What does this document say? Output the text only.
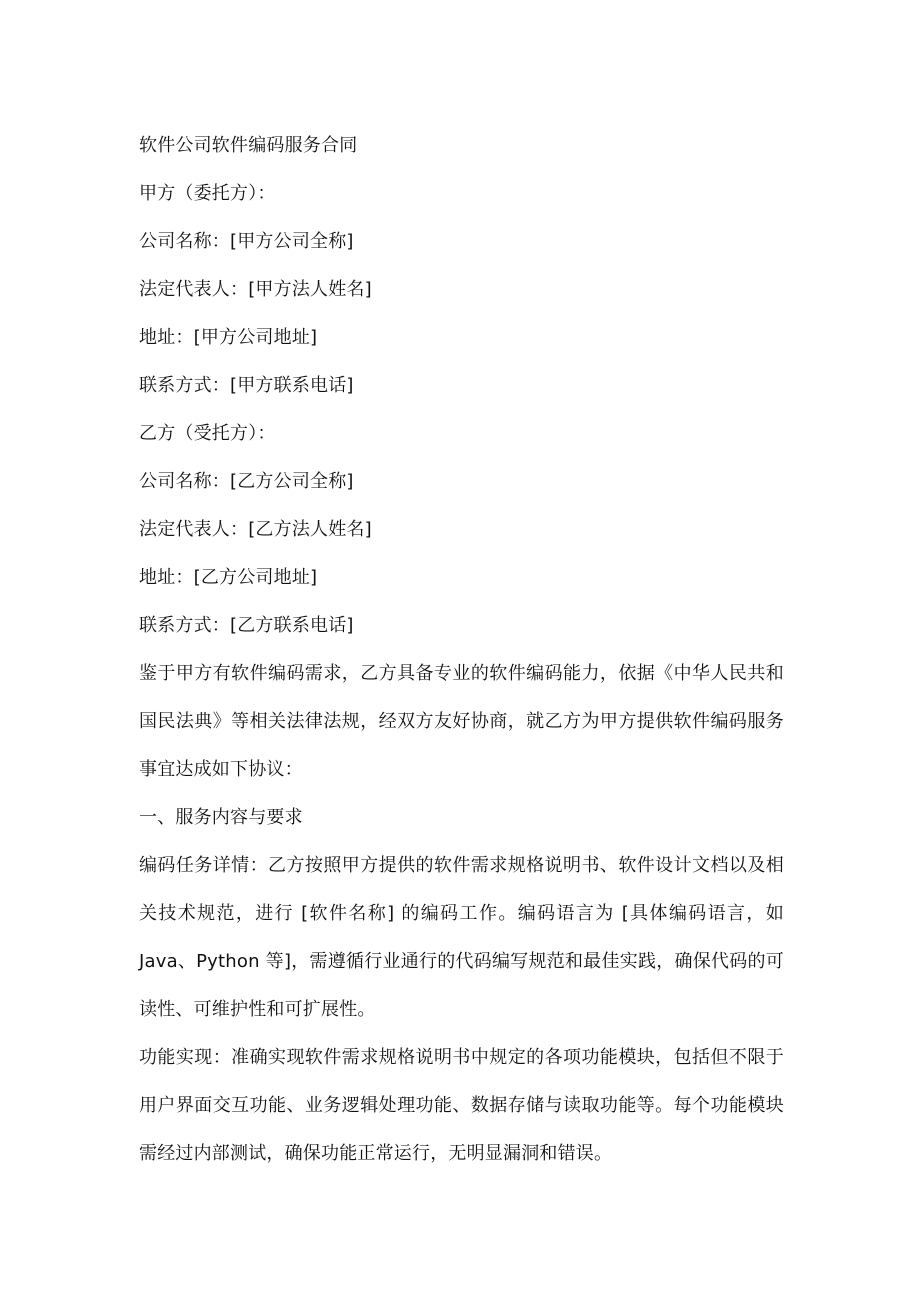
软件公司软件编码服务合同
甲方（委托方）：
公司名称：[甲方公司全称]
法定代表人：[甲方法人姓名]
地址：[甲方公司地址]
联系方式：[甲方联系电话]
乙方（受托方）：
公司名称：[乙方公司全称]
法定代表人：[乙方法人姓名]
地址：[乙方公司地址]
联系方式：[乙方联系电话]
鉴于甲方有软件编码需求，乙方具备专业的软件编码能力，依据《中华人民共和国民法典》等相关法律法规，经双方友好协商，就乙方为甲方提供软件编码服务事宜达成如下协议：
一、服务内容与要求
编码任务详情：乙方按照甲方提供的软件需求规格说明书、软件设计文档以及相关技术规范，进行 [软件名称] 的编码工作。编码语言为 [具体编码语言，如 Java、Python 等]，需遵循行业通行的代码编写规范和最佳实践，确保代码的可读性、可维护性和可扩展性。
功能实现：准确实现软件需求规格说明书中规定的各项功能模块，包括但不限于用户界面交互功能、业务逻辑处理功能、数据存储与读取功能等。每个功能模块需经过内部测试，确保功能正常运行，无明显漏洞和错误。
